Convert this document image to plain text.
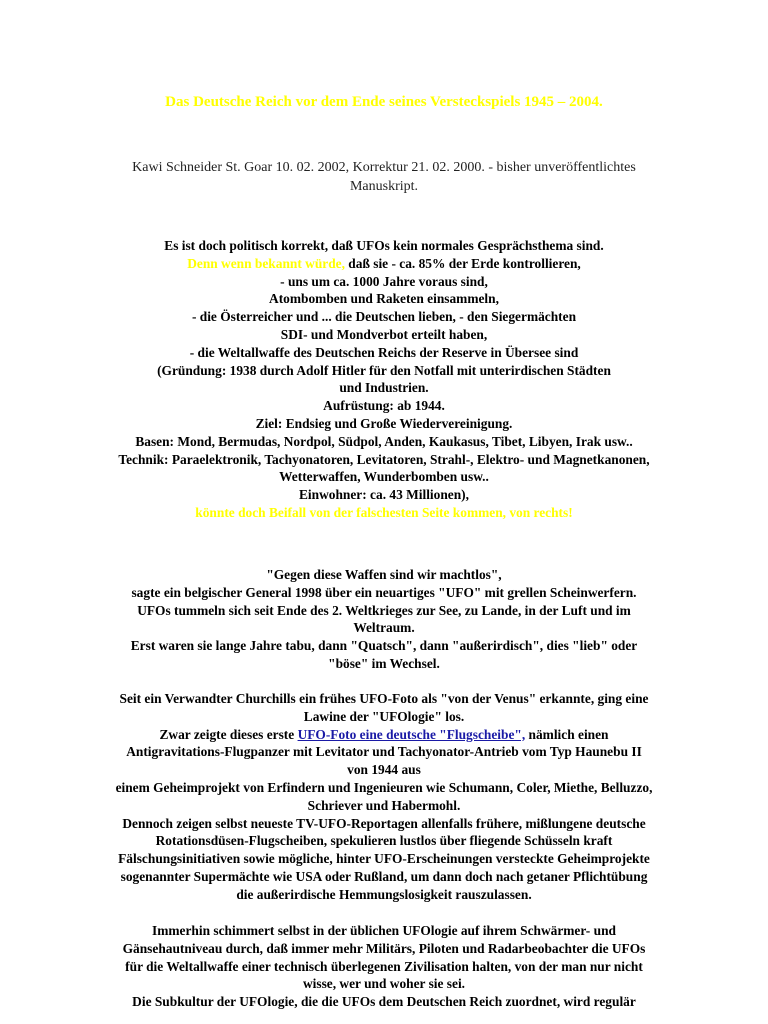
Das Deutsche Reich vor dem Ende seines Versteckspiels 1945 – 2004.
Kawi Schneider St. Goar 10. 02. 2002, Korrektur 21. 02. 2000. - bisher unveröffentlichtes
Manuskript.
Es ist doch politisch korrekt, daß UFOs kein normales Gesprächsthema sind.
Denn wenn bekannt würde, daß sie - ca. 85% der Erde kontrollieren,
- uns um ca. 1000 Jahre voraus sind,
Atombomben und Raketen einsammeln,
- die Österreicher und ... die Deutschen lieben, - den Siegermächten
SDI- und Mondverbot erteilt haben,
- die Weltallwaffe des Deutschen Reichs der Reserve in Übersee sind
(Gründung: 1938 durch Adolf Hitler für den Notfall mit unterirdischen Städten
und Industrien.
Aufrüstung: ab 1944.
Ziel: Endsieg und Große Wiedervereinigung.
Basen: Mond, Bermudas, Nordpol, Südpol, Anden, Kaukasus, Tibet, Libyen, Irak usw..
Technik: Paraelektronik, Tachyonatoren, Levitatoren, Strahl-, Elektro- und Magnetkanonen,
Wetterwaffen, Wunderbomben usw..
Einwohner: ca. 43 Millionen),
könnte doch Beifall von der falschesten Seite kommen, von rechts!
"Gegen diese Waffen sind wir machtlos",
sagte ein belgischer General 1998 über ein neuartiges "UFO" mit grellen Scheinwerfern.
UFOs tummeln sich seit Ende des 2. Weltkrieges zur See, zu Lande, in der Luft und im
Weltraum.
Erst waren sie lange Jahre tabu, dann "Quatsch", dann "außerirdisch", dies "lieb" oder
"böse" im Wechsel.
Seit ein Verwandter Churchills ein frühes UFO-Foto als "von der Venus" erkannte, ging eine
Lawine der "UFOlogie" los.
Zwar zeigte dieses erste UFO-Foto eine deutsche "Flugscheibe", nämlich einen
Antigravitations-Flugpanzer mit Levitator und Tachyonator-Antrieb vom Typ Haunebu II
von 1944 aus
einem Geheimprojekt von Erfindern und Ingenieuren wie Schumann, Coler, Miethe, Belluzzo,
Schriever und Habermohl.
Dennoch zeigen selbst neueste TV-UFO-Reportagen allenfalls frühere, mißlungene deutsche
Rotationsdüsen-Flugscheiben, spekulieren lustlos über fliegende Schüsseln kraft
Fälschungsinitiativen sowie mögliche, hinter UFO-Erscheinungen versteckte Geheimprojekte
sogenannter Supermächte wie USA oder Rußland, um dann doch nach getaner Pflichtübung
die außerirdische Hemmungslosigkeit rauszulassen.
Immerhin schimmert selbst in der üblichen UFOlogie auf ihrem Schwärmer- und
Gänsehautniveau durch, daß immer mehr Militärs, Piloten und Radarbeobachter die UFOs
für die Weltallwaffe einer technisch überlegenen Zivilisation halten, von der man nur nicht
wisse, wer und woher sie sei.
Die Subkultur der UFOlogie, die die UFOs dem Deutschen Reich zuordnet, wird regulär
